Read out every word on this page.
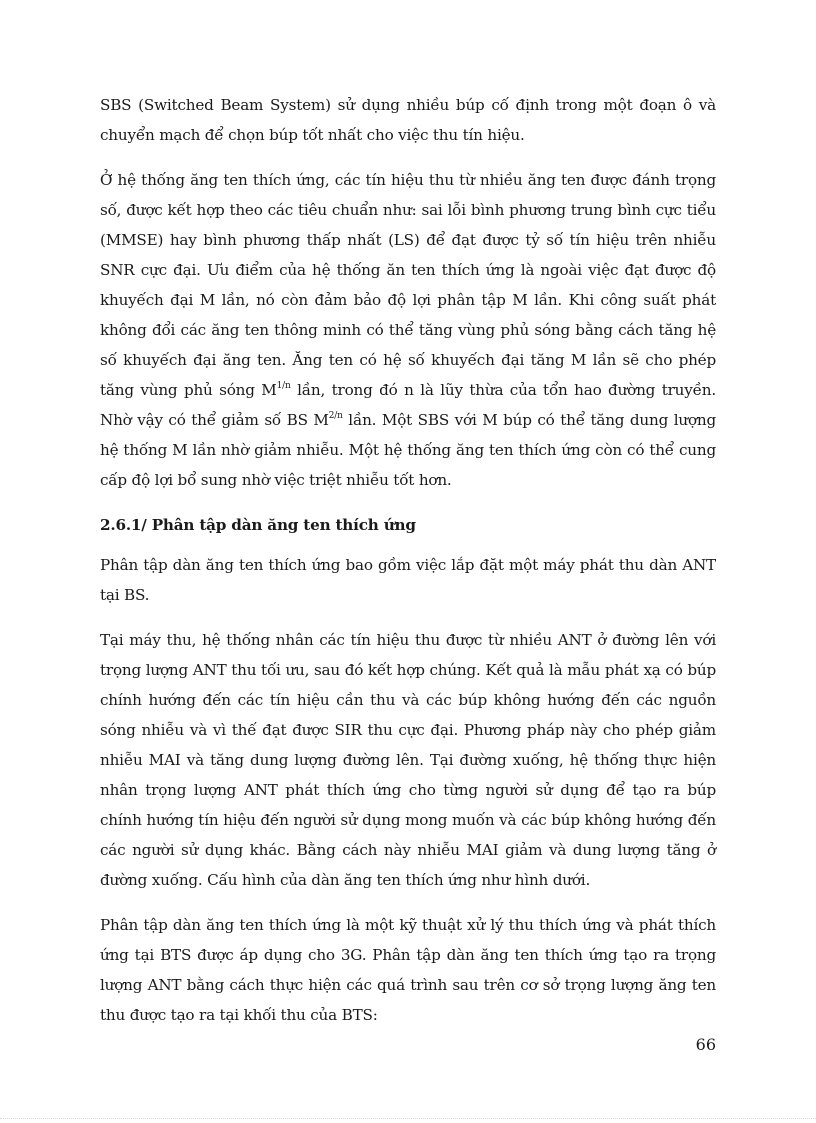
SBS (Switched Beam System) sử dụng nhiều búp cố định trong một đoạn ô và chuyển mạch để chọn búp tốt nhất cho việc thu tín hiệu.

Ở hệ thống ăng ten thích ứng, các tín hiệu thu từ nhiều ăng ten được đánh trọng số, được kết hợp theo các tiêu chuẩn như: sai lỗi bình phương trung bình cực tiểu (MMSE) hay bình phương thấp nhất (LS) để đạt được tỷ số tín hiệu trên nhiễu SNR cực đại. Ưu điểm của hệ thống ăn ten thích ứng là ngoài việc đạt được độ khuyếch đại M lần, nó còn đảm bảo độ lợi phân tập M lần. Khi công suất phát không đổi các ăng ten thông minh có thể tăng vùng phủ sóng bằng cách tăng hệ số khuyếch đại ăng ten. Ăng ten có hệ số khuyếch đại tăng M lần sẽ cho phép tăng vùng phủ sóng $M^{1/n}$ lần, trong đó n là lũy thừa của tổn hao đường truyền. Nhờ vậy có thể giảm số BS $M^{2/n}$ lần. Một SBS với M búp có thể tăng dung lượng hệ thống M lần nhờ giảm nhiễu. Một hệ thống ăng ten thích ứng còn có thể cung cấp độ lợi bổ sung nhờ việc triệt nhiễu tốt hơn.

2.6.1/ Phân tập dàn ăng ten thích ứng

Phân tập dàn ăng ten thích ứng bao gồm việc lắp đặt một máy phát thu dàn ANT tại BS.

Tại máy thu, hệ thống nhân các tín hiệu thu được từ nhiều ANT ở đường lên với trọng lượng ANT thu tối ưu, sau đó kết hợp chúng. Kết quả là mẫu phát xạ có búp chính hướng đến các tín hiệu cần thu và các búp không hướng đến các nguồn sóng nhiễu và vì thế đạt được SIR thu cực đại. Phương pháp này cho phép giảm nhiễu MAI và tăng dung lượng đường lên. Tại đường xuống, hệ thống thực hiện nhân trọng lượng ANT phát thích ứng cho từng người sử dụng để tạo ra búp chính hướng tín hiệu đến người sử dụng mong muốn và các búp không hướng đến các người sử dụng khác. Bằng cách này nhiễu MAI giảm và dung lượng tăng ở đường xuống. Cấu hình của dàn ăng ten thích ứng như hình dưới.

Phân tập dàn ăng ten thích ứng là một kỹ thuật xử lý thu thích ứng và phát thích ứng tại BTS được áp dụng cho 3G. Phân tập dàn ăng ten thích ứng tạo ra trọng lượng ANT bằng cách thực hiện các quá trình sau trên cơ sở trọng lượng ăng ten thu được tạo ra tại khối thu của BTS:

66
